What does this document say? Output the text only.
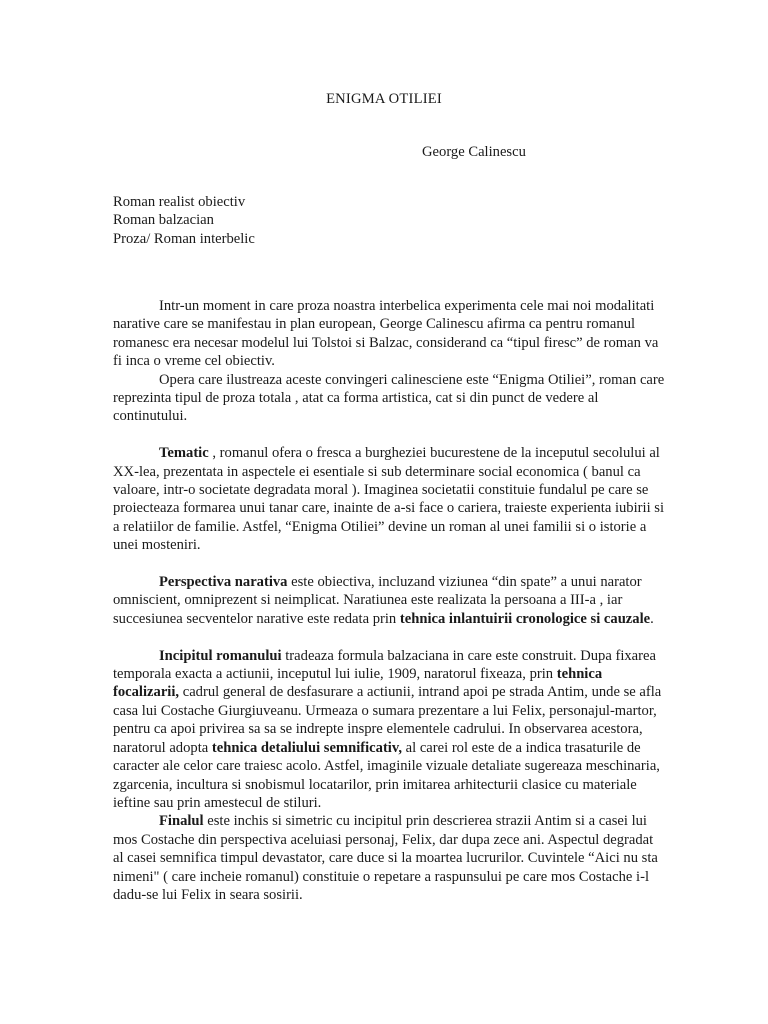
ENIGMA OTILIEI
George Calinescu
Roman realist obiectiv
Roman balzacian
Proza/ Roman interbelic

Intr-un moment in care proza noastra interbelica experimenta cele mai noi modalitati narative care se manifestau in plan european, George Calinescu afirma ca pentru romanul romanesc era necesar modelul lui Tolstoi si Balzac, considerand ca “tipul firesc” de roman va fi inca o vreme cel obiectiv.

Opera care ilustreaza aceste convingeri calinesciene este “Enigma Otiliei”, roman care reprezinta tipul de proza totala , atat ca forma artistica, cat si din punct de vedere al continutului.

Tematic , romanul ofera o fresca a burgheziei bucurestene de la inceputul secolului al XX-lea, prezentata in aspectele ei esentiale si sub determinare social economica ( banul ca valoare, intr-o societate degradata moral ). Imaginea societatii constituie fundalul pe care se proiecteaza formarea unui tanar care, inainte de a-si face o cariera, traieste experienta iubirii si a relatiilor de familie. Astfel, “Enigma Otiliei” devine un roman al unei familii si o istorie a unei mosteniri.

Perspectiva narativa este obiectiva, incluzand viziunea “din spate” a unui narator omniscient, omniprezent si neimplicat. Naratiunea este realizata la persoana a III-a , iar succesiunea secventelor narative este redata prin tehnica inlantuirii cronologice si cauzale.

Incipitul romanului tradeaza formula balzaciana in care este construit. Dupa fixarea temporala exacta a actiunii, inceputul lui iulie, 1909, naratorul fixeaza, prin tehnica focalizarii, cadrul general de desfasurare a actiunii, intrand apoi pe strada Antim, unde se afla casa lui Costache Giurgiuveanu. Urmeaza o sumara prezentare a lui Felix, personajul-martor, pentru ca apoi privirea sa sa se indrepte inspre elementele cadrului. In observarea acestora, naratorul adopta tehnica detaliului semnificativ, al carei rol este de a indica trasaturile de caracter ale celor care traiesc acolo. Astfel, imaginile vizuale detaliate sugereaza meschinaria, zgarcenia, incultura si snobismul locatarilor, prin imitarea arhitecturii clasice cu materiale ieftine sau prin amestecul de stiluri.

Finalul este inchis si simetric cu incipitul prin descrierea strazii Antim si a casei lui mos Costache din perspectiva aceluiasi personaj, Felix, dar dupa zece ani. Aspectul degradat al casei semnifica timpul devastator, care duce si la moartea lucrurilor. Cuvintele “Aici nu sta nimeni" ( care incheie romanul) constituie o repetare a raspunsului pe care mos Costache i-l dadu-se lui Felix in seara sosirii.
